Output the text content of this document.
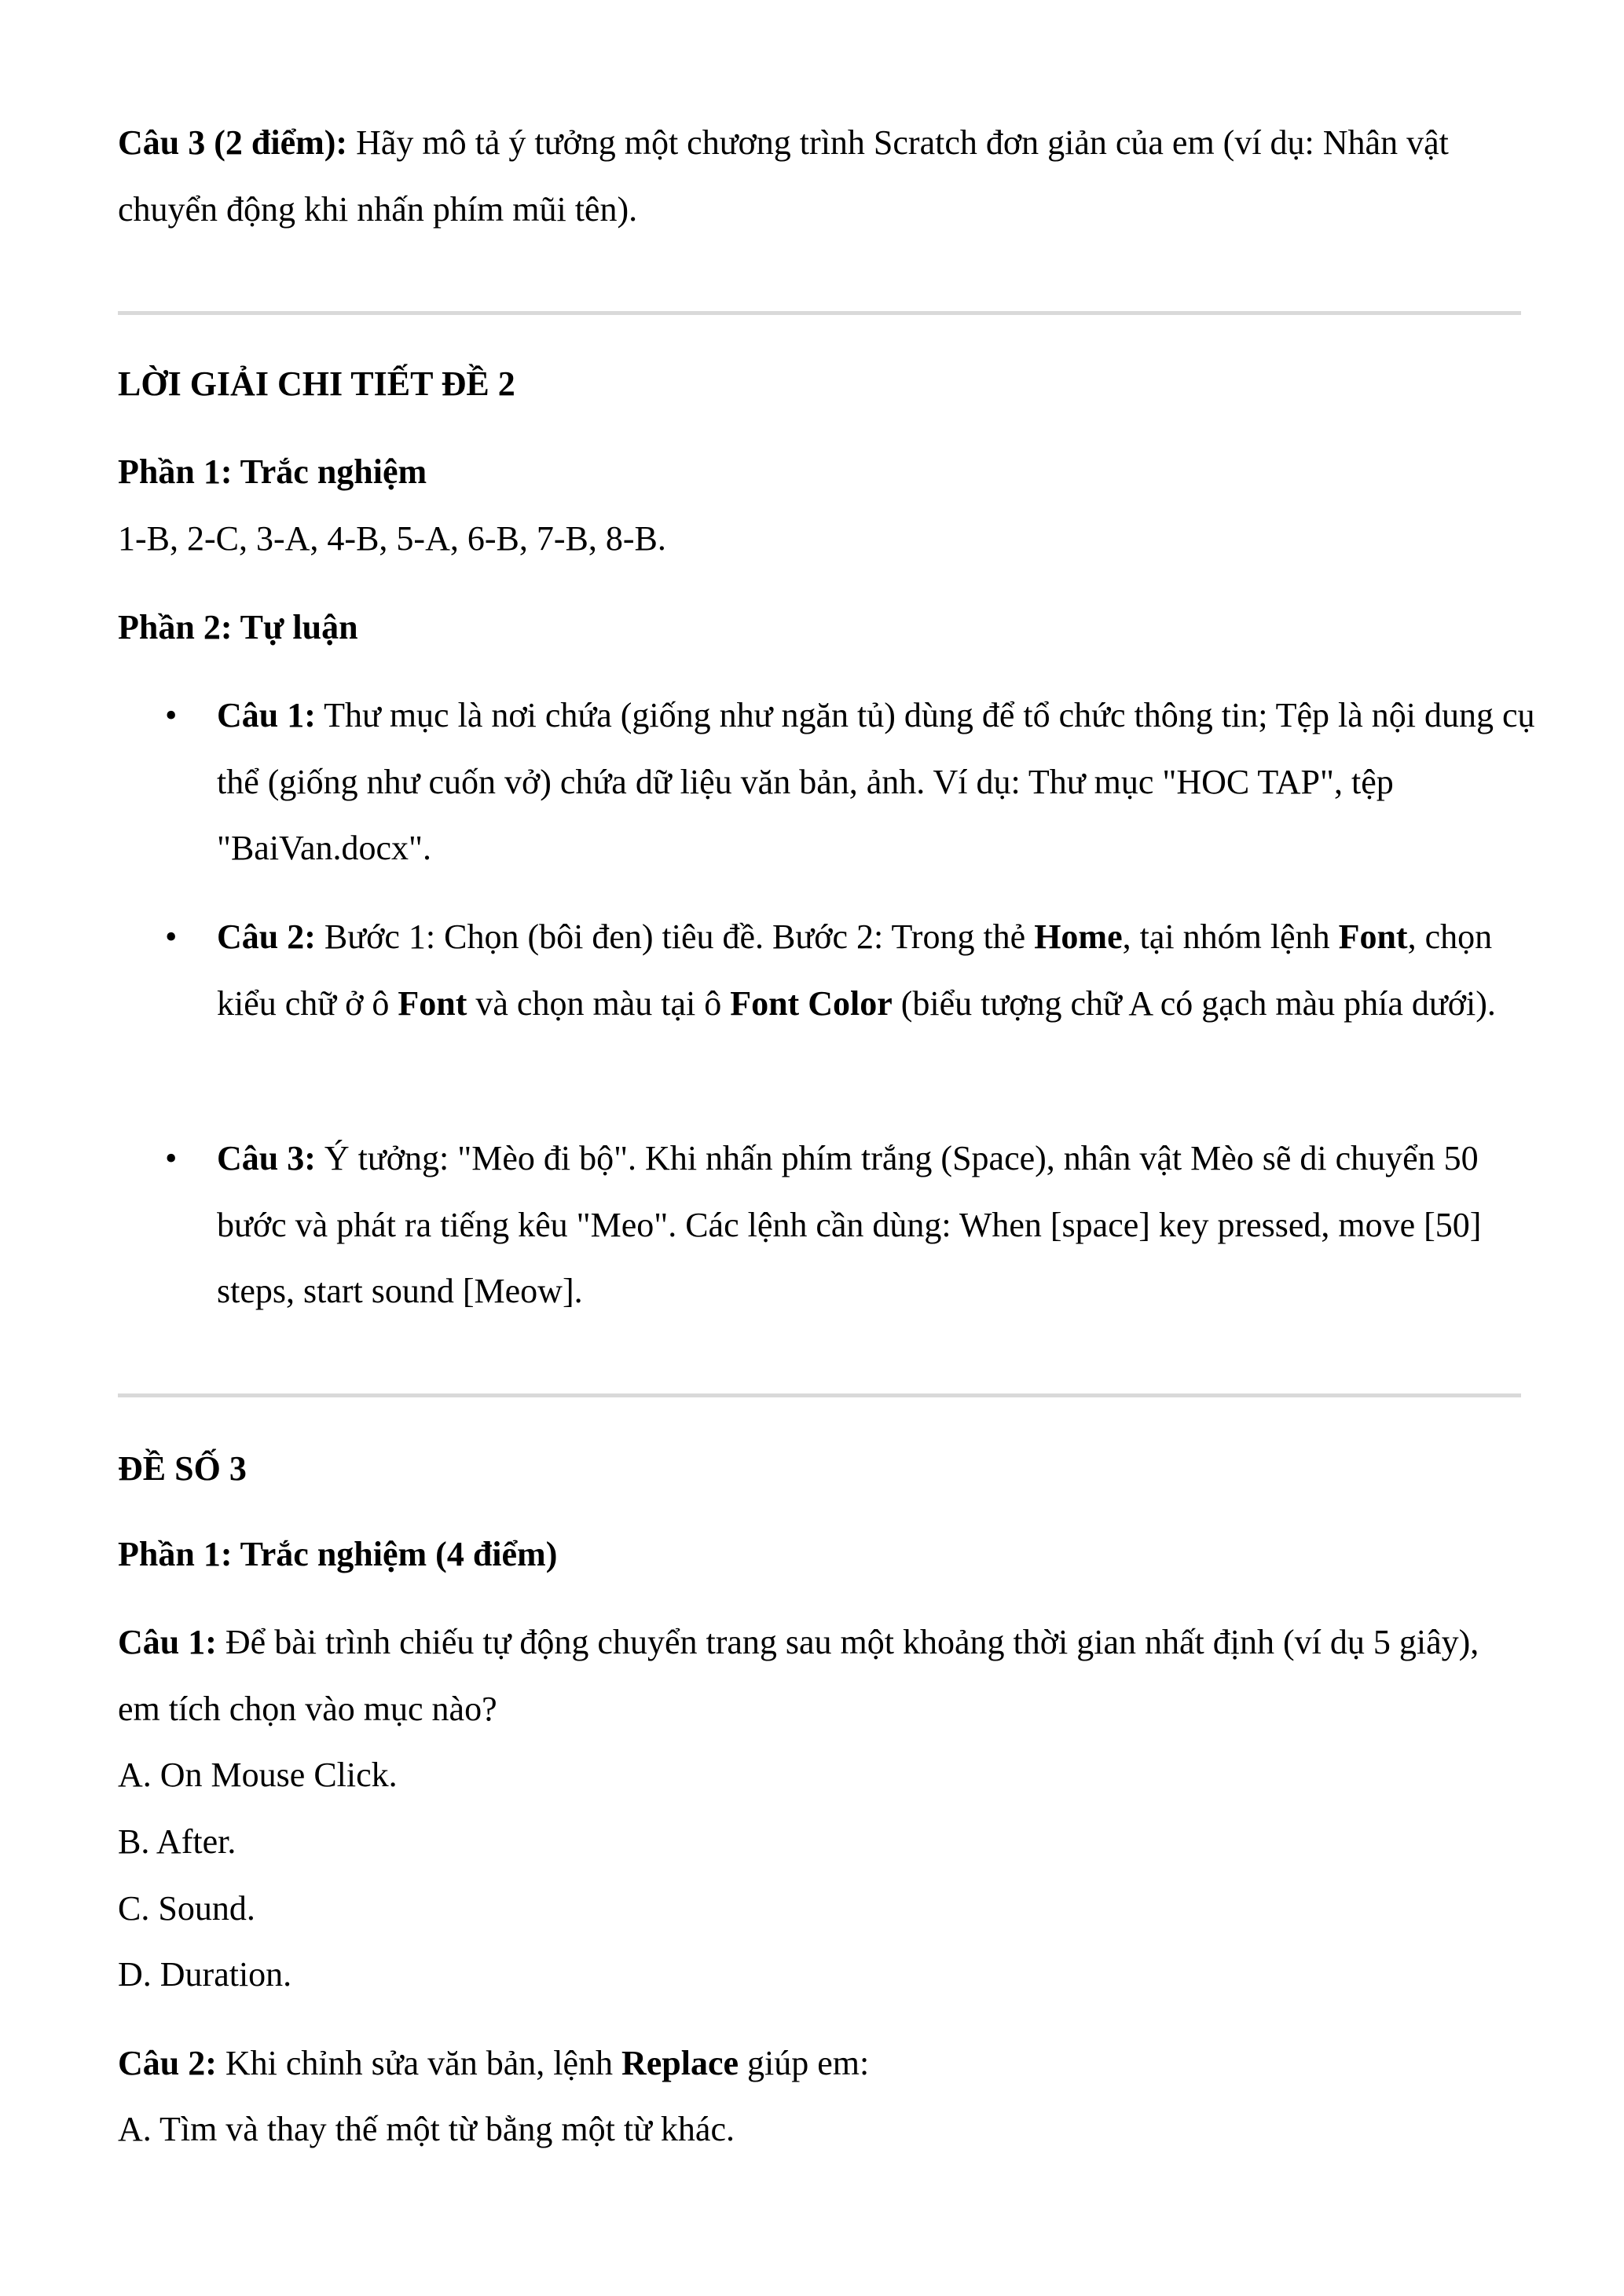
Câu 3 (2 điểm): Hãy mô tả ý tưởng một chương trình Scratch đơn giản của em (ví dụ: Nhân vật chuyển động khi nhấn phím mũi tên).
LỜI GIẢI CHI TIẾT ĐỀ 2
Phần 1: Trắc nghiệm
1-B, 2-C, 3-A, 4-B, 5-A, 6-B, 7-B, 8-B.
Phần 2: Tự luận
• Câu 1: Thư mục là nơi chứa (giống như ngăn tủ) dùng để tổ chức thông tin; Tệp là nội dung cụ thể (giống như cuốn vở) chứa dữ liệu văn bản, ảnh. Ví dụ: Thư mục "HOC TAP", tệp "BaiVan.docx".
• Câu 2: Bước 1: Chọn (bôi đen) tiêu đề. Bước 2: Trong thẻ Home, tại nhóm lệnh Font, chọn kiểu chữ ở ô Font và chọn màu tại ô Font Color (biểu tượng chữ A có gạch màu phía dưới).
• Câu 3: Ý tưởng: "Mèo đi bộ". Khi nhấn phím trắng (Space), nhân vật Mèo sẽ di chuyển 50 bước và phát ra tiếng kêu "Meo". Các lệnh cần dùng: When [space] key pressed, move [50] steps, start sound [Meow].
ĐỀ SỐ 3
Phần 1: Trắc nghiệm (4 điểm)
Câu 1: Để bài trình chiếu tự động chuyển trang sau một khoảng thời gian nhất định (ví dụ 5 giây), em tích chọn vào mục nào?
A. On Mouse Click.
B. After.
C. Sound.
D. Duration.
Câu 2: Khi chỉnh sửa văn bản, lệnh Replace giúp em:
A. Tìm và thay thế một từ bằng một từ khác.
